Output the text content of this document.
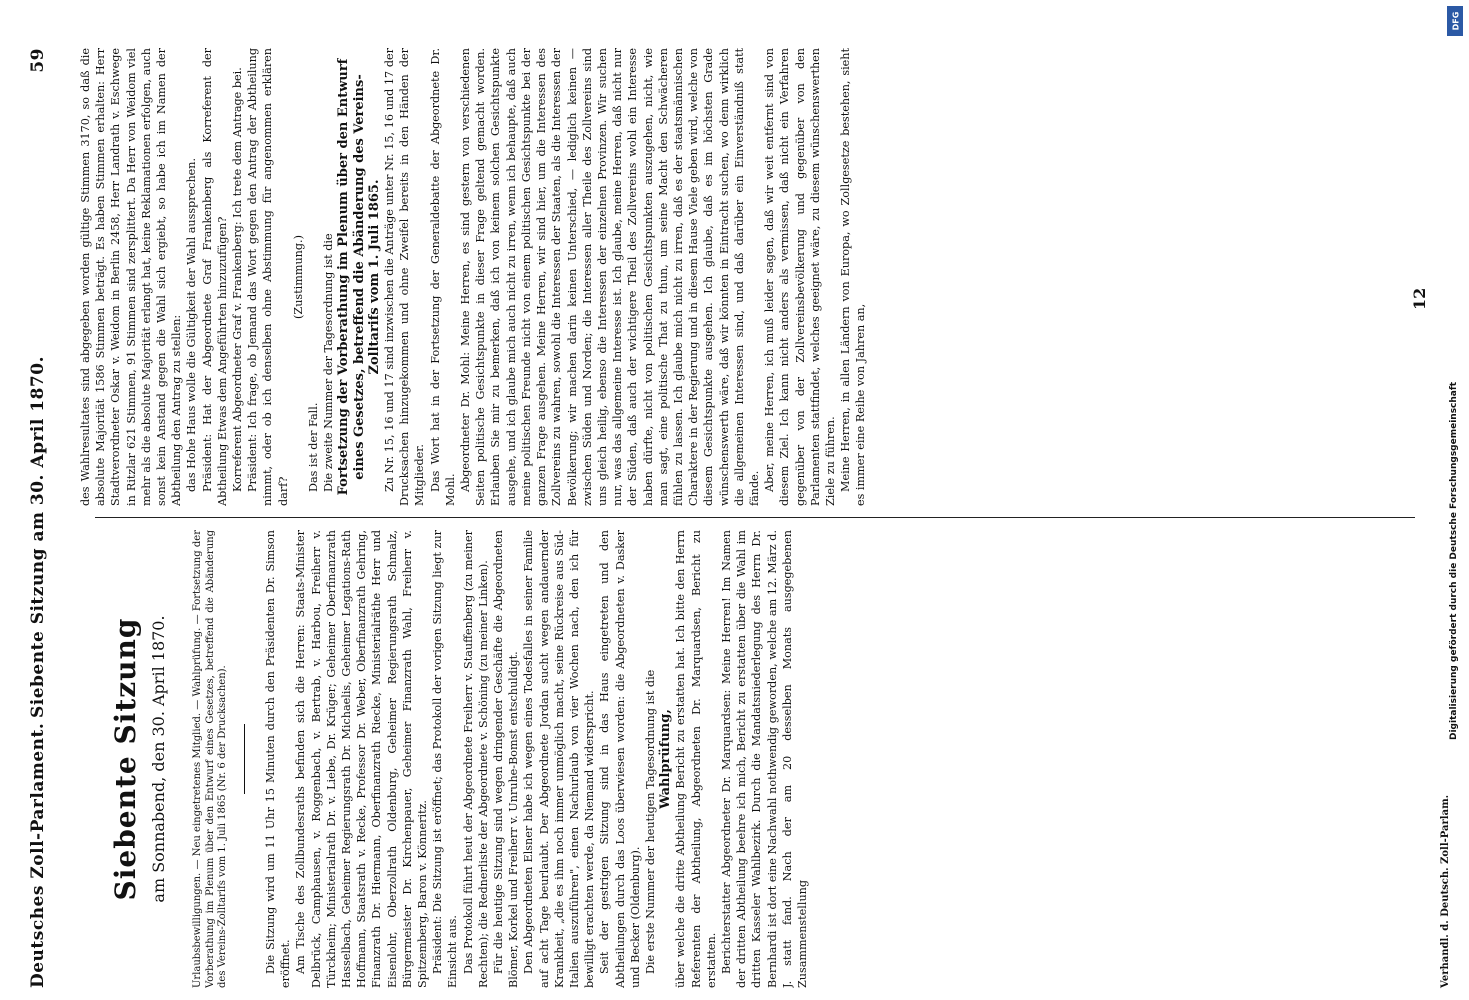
Deutsches Zoll-Parlament.
Siebente Sitzung am 30. April 1870.
59
Siebente Sitzung am Sonnabend, den 30. April 1870. Urlaubsbewilligungen. — Neu eingetretenes Mitglied. — Wahlprüfung. — Fortsetzung der Vorberathung im Plenum über den Entwurf eines Gesetzes, betreffend die Abänderung des Vereins-Zolltarifs vom 1. Juli 1865 (Nr. 6 der Drucksachen).	Die Sitzung wird um 11 Uhr 15 Minuten durch den Präsidenten Dr. Simson eröffnet. Am Tische des Zollbundesraths befinden sich die Herren: Staats-Minister Delbrück, Camphausen, v. Roggenbach, v. Bertrab, v. Harbou, Freiherr v. Türckheim; Ministerialrath Dr. v. Liebe, Dr. Krüger; Geheimer Oberfinanzrath Hasselbach, Geheimer Regierungsrath Dr. Michaelis, Geheimer Legations-Rath Hoffmann, Staatsrath v. Recke, Professor Dr. Weber, Oberfinanzrath Gehring, Finanzrath Dr. Hiermann, Oberfinanzrath Riecke, Ministerialräthe Herr und Eisenlohr, Oberzollrath Oldenburg, Geheimer Regierungsrath Schmalz, Bürgermeister Dr. Kirchenpauer, Geheimer Finanzrath Wahl, Freiherr v. Spitzemberg, Baron v. Könneritz. Präsident: Die Sitzung ist eröffnet; das Protokoll der vorigen Sitzung liegt zur Einsicht aus. Das Protokoll führt heut der Abgeordnete Freiherr v. Stauffenberg (zu meiner Rechten); die Rednerliste der Abgeordnete v. Schöning (zu meiner Linken). Für die heutige Sitzung sind wegen dringender Geschäfte die Abgeordneten Blömer, Korkel und Freiherr v. Unruhe-Bomst entschuldigt. Den Abgeordneten Elsner habe ich wegen eines Todesfalles in seiner Familie auf acht Tage beurlaubt. Der Abgeordnete Jordan sucht wegen andauernder Krankheit, „die es ihm noch immer unmöglich macht, seine Rückreise aus Süd-Italien auszuführen", einen Nachurlaub von vier Wochen nach, den ich für bewilligt erachten werde, da Niemand widerspricht. Seit der gestrigen Sitzung sind in das Haus eingetreten und den Abtheilungen durch das Loos überwiesen worden: die Abgeordneten v. Dasker und Becker (Oldenburg). Die erste Nummer der heutigen Tagesordnung ist die Wahlprüfung, über welche die dritte Abtheilung Bericht zu erstatten hat. Ich bitte den Herrn Referenten der Abtheilung, Abgeordneten Dr. Marquardsen, Bericht zu erstatten. Berichterstatter Abgeordneter Dr. Marquardsen: Meine Herren! Im Namen der dritten Abtheilung beehre ich mich, Bericht zu erstatten über die Wahl im dritten Kasseler Wahlbezirk. Durch die Mandatsniederlegung des Herrn Dr. Bernhardi ist dort eine Nachwahl nothwendig geworden, welche am 12. März d. J. statt fand. Nach der am 20 desselben Monats ausgegebenen Zusammenstellung

des Wahlresultates sind abgegeben worden gültige Stimmen 3170, so daß die absolute Majorität 1586 Stimmen beträgt. Es haben Stimmen erhalten: Herr Stadtverordneter Oskar v. Weidom in Berlin 2458, Herr Landrath v. Eschwege in Ritzlar 621 Stimmen, 91 Stimmen sind zersplittert. Da Herr von Weidom viel mehr als die absolute Majorität erlangt hat, keine Reklamationen erfolgen, auch sonst kein Anstand gegen die Wahl sich ergiebt, so habe ich im Namen der Abtheilung den Antrag zu stellen: das Hohe Haus wolle die Gültigkeit der Wahl aussprechen. Präsident: Hat der Abgeordnete Graf Frankenberg als Korreferent der Abtheilung Etwas dem Angeführten hinzuzufügen? Korreferent Abgeordneter Graf v. Frankenberg: Ich trete dem Antrage bei. Präsident: Ich frage, ob Jemand das Wort gegen den Antrag der Abtheilung nimmt, oder ob ich denselben ohne Abstimmung für angenommen erklären darf?

(Zustimmung.)

Das ist der Fall. Die zweite Nummer der Tagesordnung ist die Fortsetzung der Vorberathung im Plenum über den Entwurf eines Gesetzes, betreffend die Abänderung des Vereins-Zolltarifs vom 1. Juli 1865. Zu Nr. 15, 16 und 17 sind inzwischen die Anträge unter Nr. 15, 16 und 17 der Drucksachen hinzugekommen und ohne Zweifel bereits in den Händen der Mitglieder. Das Wort hat in der Fortsetzung der Generaldebatte der Abgeordnete Dr. Mohl. Abgeordneter Dr. Mohl: Meine Herren, es sind gestern von verschiedenen Seiten politische Gesichtspunkte in dieser Frage geltend gemacht worden. Erlauben Sie mir zu bemerken, daß ich von keinem solchen Gesichtspunkte ausgehe, und ich glaube mich auch nicht zu irren, wenn ich behaupte, daß auch meine politischen Freunde nicht von einem politischen Gesichtspunkte bei der ganzen Frage ausgehen. Meine Herren, wir sind hier, um die Interessen des Zollvereins zu wahren, sowohl die Interessen der Staaten, als die Interessen der Bevölkerung; wir machen darin keinen Unterschied, — lediglich keinen — zwischen Süden und Norden; die Interessen aller Theile des Zollvereins sind uns gleich heilig, ebenso die Interessen der einzelnen Provinzen. Wir suchen nur, was das allgemeine Interesse ist. Ich glaube, meine Herren, daß nicht nur der Süden, daß auch der wichtigere Theil des Zollvereins wohl ein Interesse haben dürfte, nicht von politischen Gesichtspunkten auszugehen, nicht, wie man sagt, eine politische That zu thun, um seine Macht den Schwächeren fühlen zu lassen. Ich glaube mich nicht zu irren, daß es der staatsmännischen Charaktere in der Regierung und in diesem Hause Viele geben wird, welche von diesem Gesichtspunkte ausgehen. Ich glaube, daß es im höchsten Grade wünschenswerth wäre, daß wir könnten in Eintracht suchen, wo denn wirklich die allgemeinen Interessen sind, und daß darüber ein Einverständniß statt fände. Aber, meine Herren, ich muß leider sagen, daß wir weit entfernt sind von diesem Ziel. Ich kann nicht anders als vermissen, daß nicht ein Verfahren gegenüber von der Zollvereinsbevölkerung und gegenüber von den Parlamenten stattfindet, welches geeignet wäre, zu diesem wünschenswerthen Ziele zu führen. Meine Herren, in allen Ländern von Europa, wo Zollgesetze bestehen, sieht es immer eine Reihe von Jahren an,

Verhandl. d. Deutsch. Zoll-Parlam.
12
DFG
Digitalisierung gefördert durch die Deutsche Forschungsgemeinschaft
